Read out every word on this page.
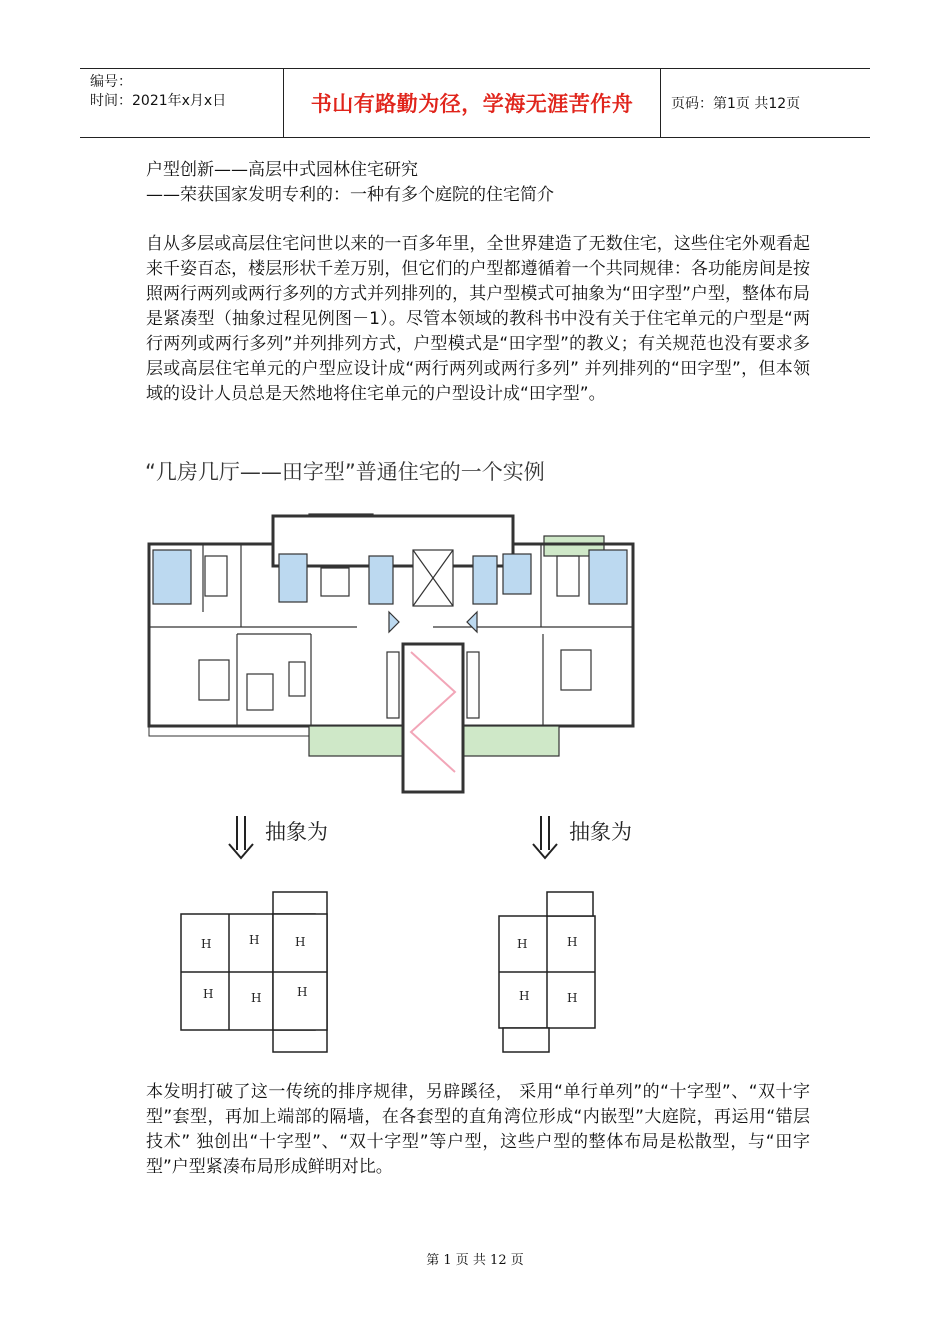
编号：
时间：2021年x月x日	书山有路勤为径，学海无涯苦作舟	页码：第1页 共12页
户型创新——高层中式园林住宅研究
——荣获国家发明专利的：一种有多个庭院的住宅简介
自从多层或高层住宅问世以来的一百多年里，全世界建造了无数住宅，这些住宅外观看起来千姿百态，楼层形状千差万别，但它们的户型都遵循着一个共同规律：各功能房间是按照两行两列或两行多列的方式并列排列的，其户型模式可抽象为“田字型”户型，整体布局是紧凑型（抽象过程见例图－1）。尽管本领域的教科书中没有关于住宅单元的户型是“两行两列或两行多列”并列排列方式，户型模式是“田字型”的教义；有关规范也没有要求多层或高层住宅单元的户型应设计成“两行两列或两行多列” 并列排列的“田字型”，但本领域的设计人员总是天然地将住宅单元的户型设计成“田字型”。
“几房几厅——田字型”普通住宅的一个实例
抽象为	抽象为
H	H	H
H	H	H
H	H
H	H
本发明打破了这一传统的排序规律，另辟蹊径， 采用“单行单列”的“十字型”、“双十字型”套型，再加上端部的隔墙，在各套型的直角湾位形成“内嵌型”大庭院，再运用“错层技术” 独创出“十字型”、“双十字型”等户型，这些户型的整体布局是松散型，与“田字型”户型紧凑布局形成鲜明对比。
第 1 页 共 12 页
